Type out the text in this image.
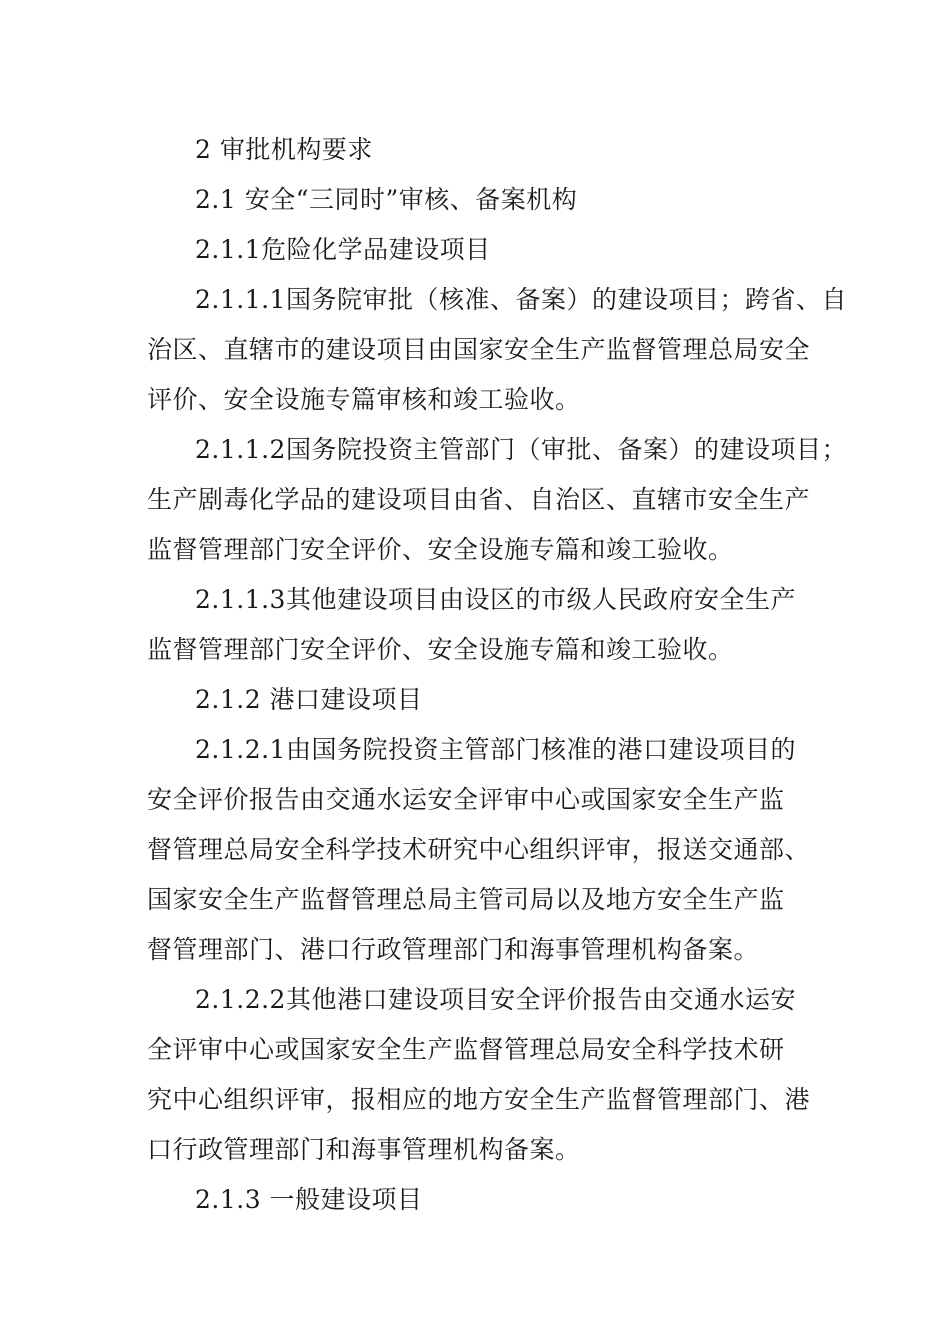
2 审批机构要求
2.1 安全“三同时”审核、备案机构
2.1.1危险化学品建设项目
2.1.1.1国务院审批（核准、备案）的建设项目；跨省、自
治区、直辖市的建设项目由国家安全生产监督管理总局安全
评价、安全设施专篇审核和竣工验收。
2.1.1.2国务院投资主管部门（审批、备案）的建设项目；
生产剧毒化学品的建设项目由省、自治区、直辖市安全生产
监督管理部门安全评价、安全设施专篇和竣工验收。
2.1.1.3其他建设项目由设区的市级人民政府安全生产
监督管理部门安全评价、安全设施专篇和竣工验收。
2.1.2 港口建设项目
2.1.2.1由国务院投资主管部门核准的港口建设项目的
安全评价报告由交通水运安全评审中心或国家安全生产监
督管理总局安全科学技术研究中心组织评审，报送交通部、
国家安全生产监督管理总局主管司局以及地方安全生产监
督管理部门、港口行政管理部门和海事管理机构备案。
2.1.2.2其他港口建设项目安全评价报告由交通水运安
全评审中心或国家安全生产监督管理总局安全科学技术研
究中心组织评审，报相应的地方安全生产监督管理部门、港
口行政管理部门和海事管理机构备案。
2.1.3 一般建设项目
